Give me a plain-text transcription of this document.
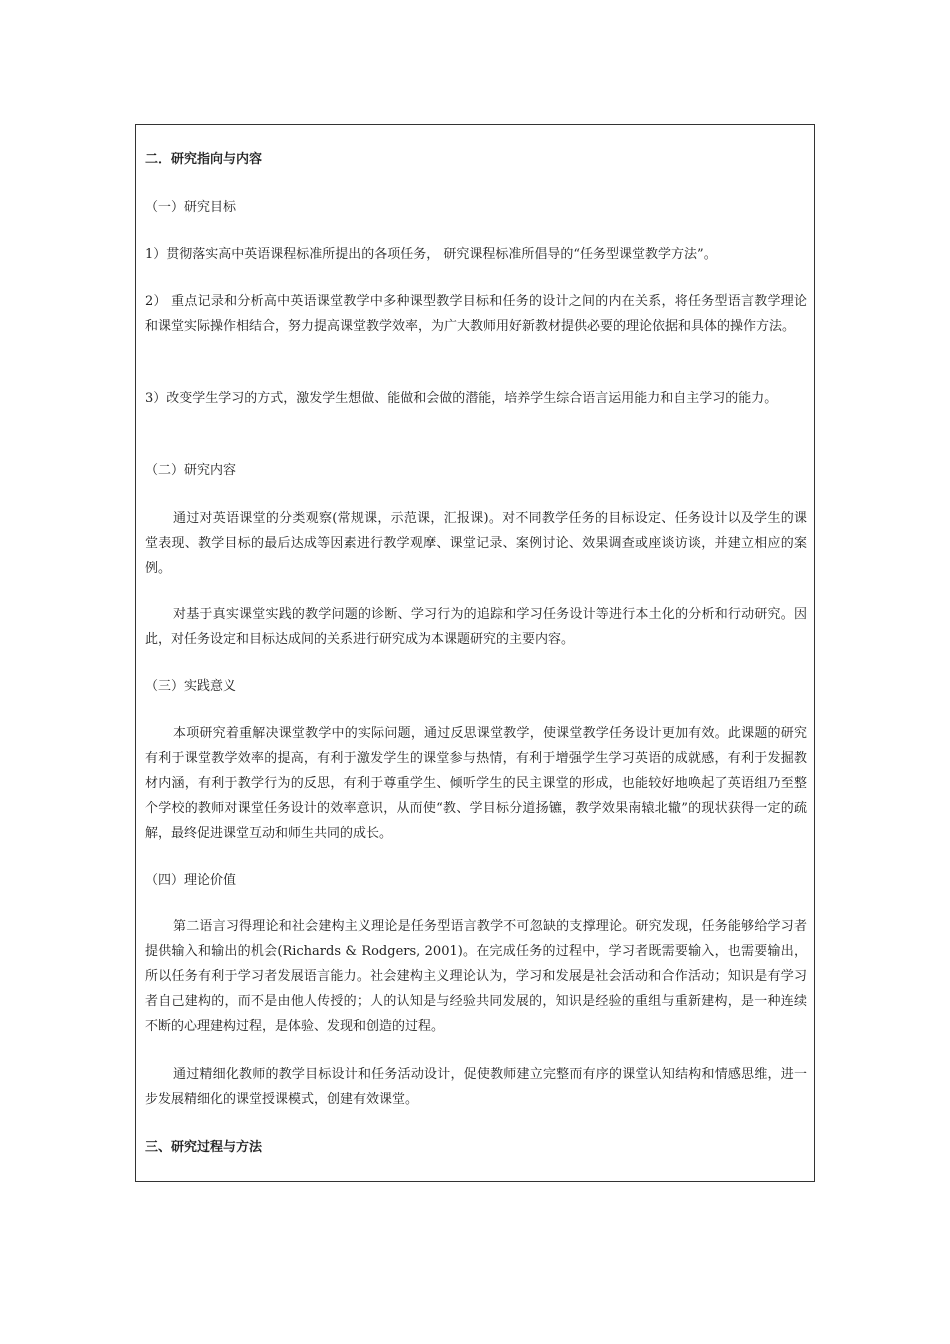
二．研究指向与内容
（一）研究目标
1）贯彻落实高中英语课程标准所提出的各项任务， 研究课程标准所倡导的“任务型课堂教学方法”。
2） 重点记录和分析高中英语课堂教学中多种课型教学目标和任务的设计之间的内在关系，将任务型语言教学理论和课堂实际操作相结合，努力提高课堂教学效率，为广大教师用好新教材提供必要的理论依据和具体的操作方法。
3）改变学生学习的方式，激发学生想做、能做和会做的潜能，培养学生综合语言运用能力和自主学习的能力。
（二）研究内容
通过对英语课堂的分类观察(常规课，示范课，汇报课)。对不同教学任务的目标设定、任务设计以及学生的课堂表现、教学目标的最后达成等因素进行教学观摩、课堂记录、案例讨论、效果调查或座谈访谈，并建立相应的案例。
对基于真实课堂实践的教学问题的诊断、学习行为的追踪和学习任务设计等进行本土化的分析和行动研究。因此，对任务设定和目标达成间的关系进行研究成为本课题研究的主要内容。
（三）实践意义
本项研究着重解决课堂教学中的实际问题，通过反思课堂教学，使课堂教学任务设计更加有效。此课题的研究有利于课堂教学效率的提高，有利于激发学生的课堂参与热情，有利于增强学生学习英语的成就感，有利于发掘教材内涵，有利于教学行为的反思，有利于尊重学生、倾听学生的民主课堂的形成，也能较好地唤起了英语组乃至整个学校的教师对课堂任务设计的效率意识，从而使“教、学目标分道扬镳，教学效果南辕北辙”的现状获得一定的疏解，最终促进课堂互动和师生共同的成长。
（四）理论价值
第二语言习得理论和社会建构主义理论是任务型语言教学不可忽缺的支撑理论。研究发现，任务能够给学习者提供输入和输出的机会(Richards & Rodgers, 2001)。在完成任务的过程中，学习者既需要输入，也需要输出，所以任务有利于学习者发展语言能力。社会建构主义理论认为，学习和发展是社会活动和合作活动；知识是有学习者自己建构的，而不是由他人传授的；人的认知是与经验共同发展的，知识是经验的重组与重新建构，是一种连续不断的心理建构过程，是体验、发现和创造的过程。
通过精细化教师的教学目标设计和任务活动设计，促使教师建立完整而有序的课堂认知结构和情感思维，进一步发展精细化的课堂授课模式，创建有效课堂。
三、研究过程与方法
